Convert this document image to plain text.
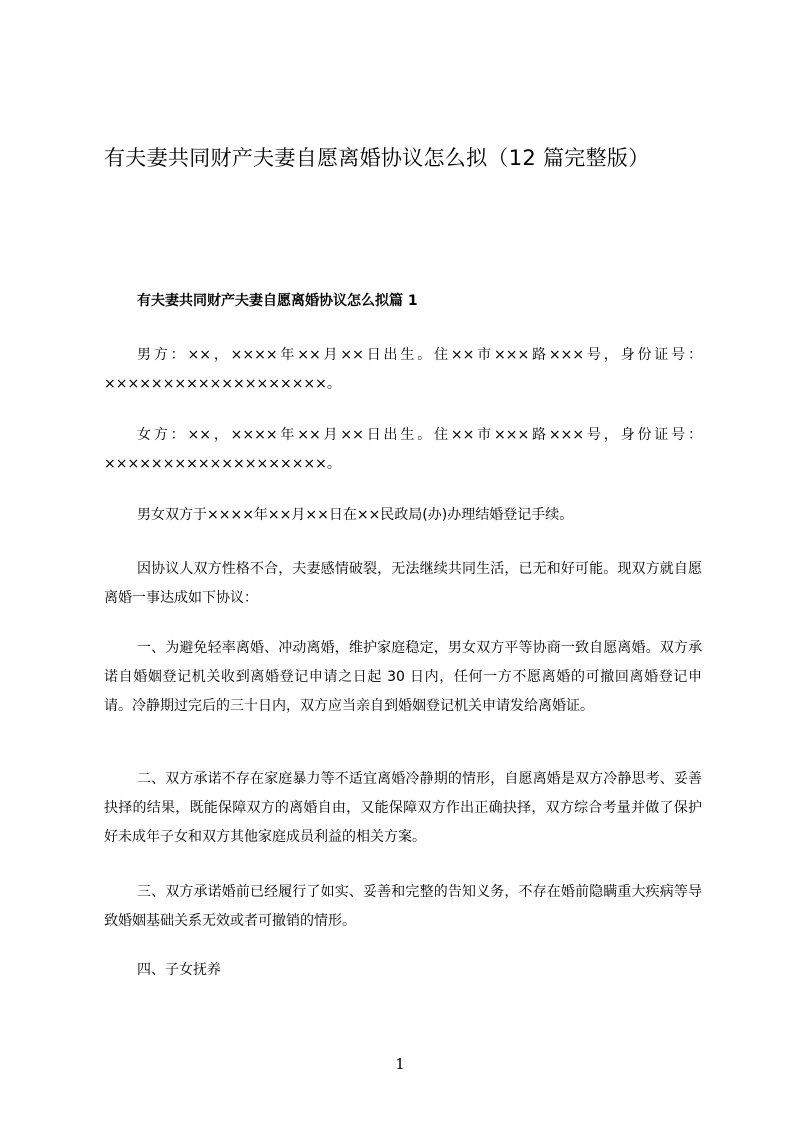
有夫妻共同财产夫妻自愿离婚协议怎么拟（12 篇完整版）
有夫妻共同财产夫妻自愿离婚协议怎么拟篇 1

男方：××，××××年××月××日出生。住××市×××路×××号，身份证号：×××××××××××××××××××。

女方：××，××××年××月××日出生。住××市×××路×××号，身份证号：×××××××××××××××××××。

男女双方于××××年××月××日在××民政局(办)办理结婚登记手续。

因协议人双方性格不合，夫妻感情破裂，无法继续共同生活，已无和好可能。现双方就自愿离婚一事达成如下协议：

一、为避免轻率离婚、冲动离婚，维护家庭稳定，男女双方平等协商一致自愿离婚。双方承诺自婚姻登记机关收到离婚登记申请之日起 30 日内，任何一方不愿离婚的可撤回离婚登记申请。冷静期过完后的三十日内，双方应当亲自到婚姻登记机关申请发给离婚证。

二、双方承诺不存在家庭暴力等不适宜离婚冷静期的情形，自愿离婚是双方冷静思考、妥善抉择的结果，既能保障双方的离婚自由，又能保障双方作出正确抉择，双方综合考量并做了保护好未成年子女和双方其他家庭成员利益的相关方案。

三、双方承诺婚前已经履行了如实、妥善和完整的告知义务，不存在婚前隐瞒重大疾病等导致婚姻基础关系无效或者可撤销的情形。

四、子女抚养

1
